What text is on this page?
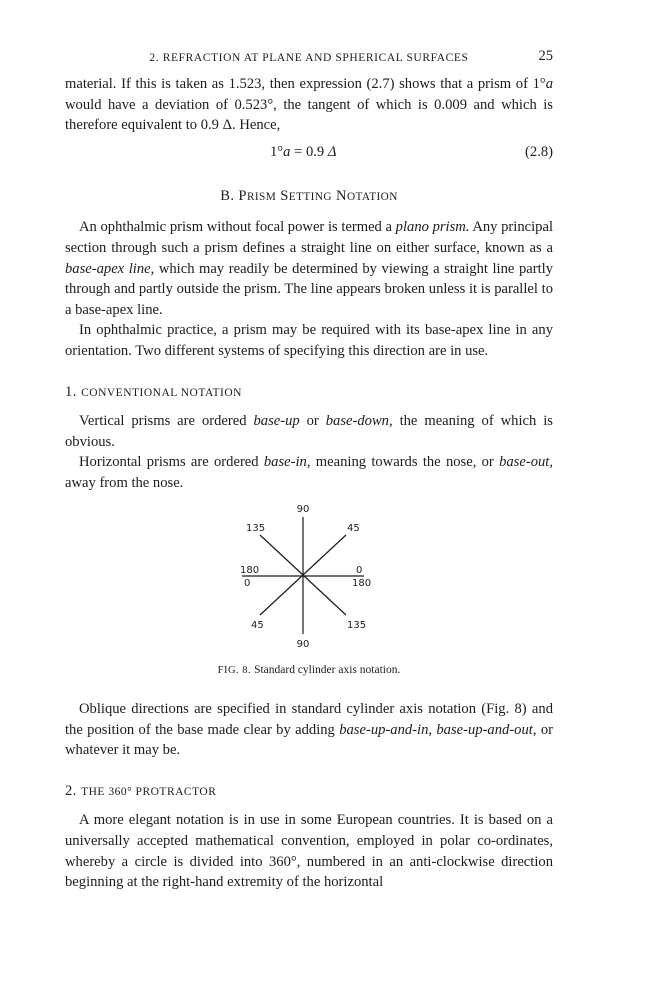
2. REFRACTION AT PLANE AND SPHERICAL SURFACES	25

material. If this is taken as 1.523, then expression (2.7) shows that a prism of 1°a would have a deviation of 0.523°, the tangent of which is 0.009 and which is therefore equivalent to 0.9 Δ. Hence,

1°a = 0.9 Δ	(2.8)
B. PRISM SETTING NOTATION

An ophthalmic prism without focal power is termed a plano prism. Any principal section through such a prism defines a straight line on either surface, known as a base-apex line, which may readily be determined by viewing a straight line partly through and partly outside the prism. The line appears broken unless it is parallel to a base-apex line.

In ophthalmic practice, a prism may be required with its base-apex line in any orientation. Two different systems of specifying this direction are in use.

1. CONVENTIONAL NOTATION

Vertical prisms are ordered base-up or base-down, the meaning of which is obvious.

Horizontal prisms are ordered base-in, meaning towards the nose, or base-out, away from the nose.

90
90
135	45
180
0
0
180
45	135
FIG. 8. Standard cylinder axis notation.

Oblique directions are specified in standard cylinder axis notation (Fig. 8) and the position of the base made clear by adding base-up-and-in, base-up-and-out, or whatever it may be.

2. THE 360° PROTRACTOR

A more elegant notation is in use in some European countries. It is based on a universally accepted mathematical convention, employed in polar co-ordinates, whereby a circle is divided into 360°, numbered in an anti-clockwise direction beginning at the right-hand extremity of the horizontal
